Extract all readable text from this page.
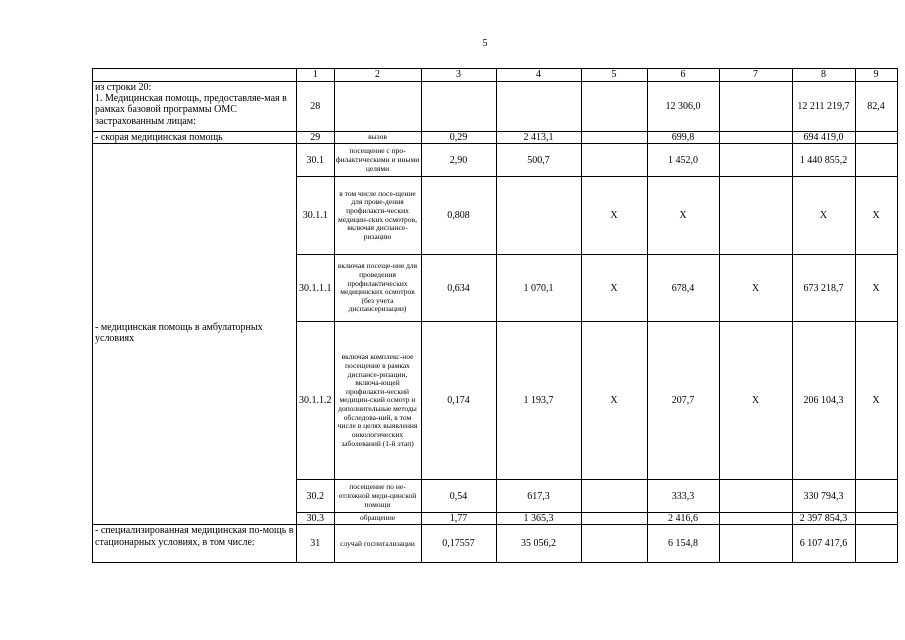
5
	1	2	3	4	5	6	7	8	9
из строки 20:
1. Медицинская помощь, предоставляе-мая в рамках базовой программы ОМС застрахованным лицам:	28					12 306,0		12 211 219,7	82,4
- скорая медицинская помощь	29	вызов	0,29	2 413,1		699,8		694 419,0	
- медицинская помощь в амбулаторных условиях	30.1	посещение с про-филактическими и иными целями	2,90	500,7		1 452,0		1 440 855,2	
	30.1.1	в том числе посе-щение для прове-дения профилакти-ческих медицин-ских осмотров, включая диспансе-ризацию	0,808		X	X		X	X
	30.1.1.1	включая посеще-ние для проведения профилактических медицинских осмотров (без учета диспансеризации)	0,634	1 070,1	X	678,4	X	673 218,7	X
	30.1.1.2	включая комплекс-ное посещение в рамках диспансе-ризации, включа-ющей профилакти-ческий медицин-ский осмотр и дополнительные методы обследова-ний, в том числе в целях выявления онкологических заболеваний (1-й этап)	0,174	1 193,7	X	207,7	X	206 104,3	X
	30.2	посещение по не-отложной меди-цинской помощи	0,54	617,3		333,3		330 794,3	
	30.3	обращение	1,77	1 365,3		2 416,6		2 397 854,3	
- специализированная медицинская по-мощь в стационарных условиях, в том числе:	31	случай госпитализации	0,17557	35 056,2		6 154,8		6 107 417,6	
